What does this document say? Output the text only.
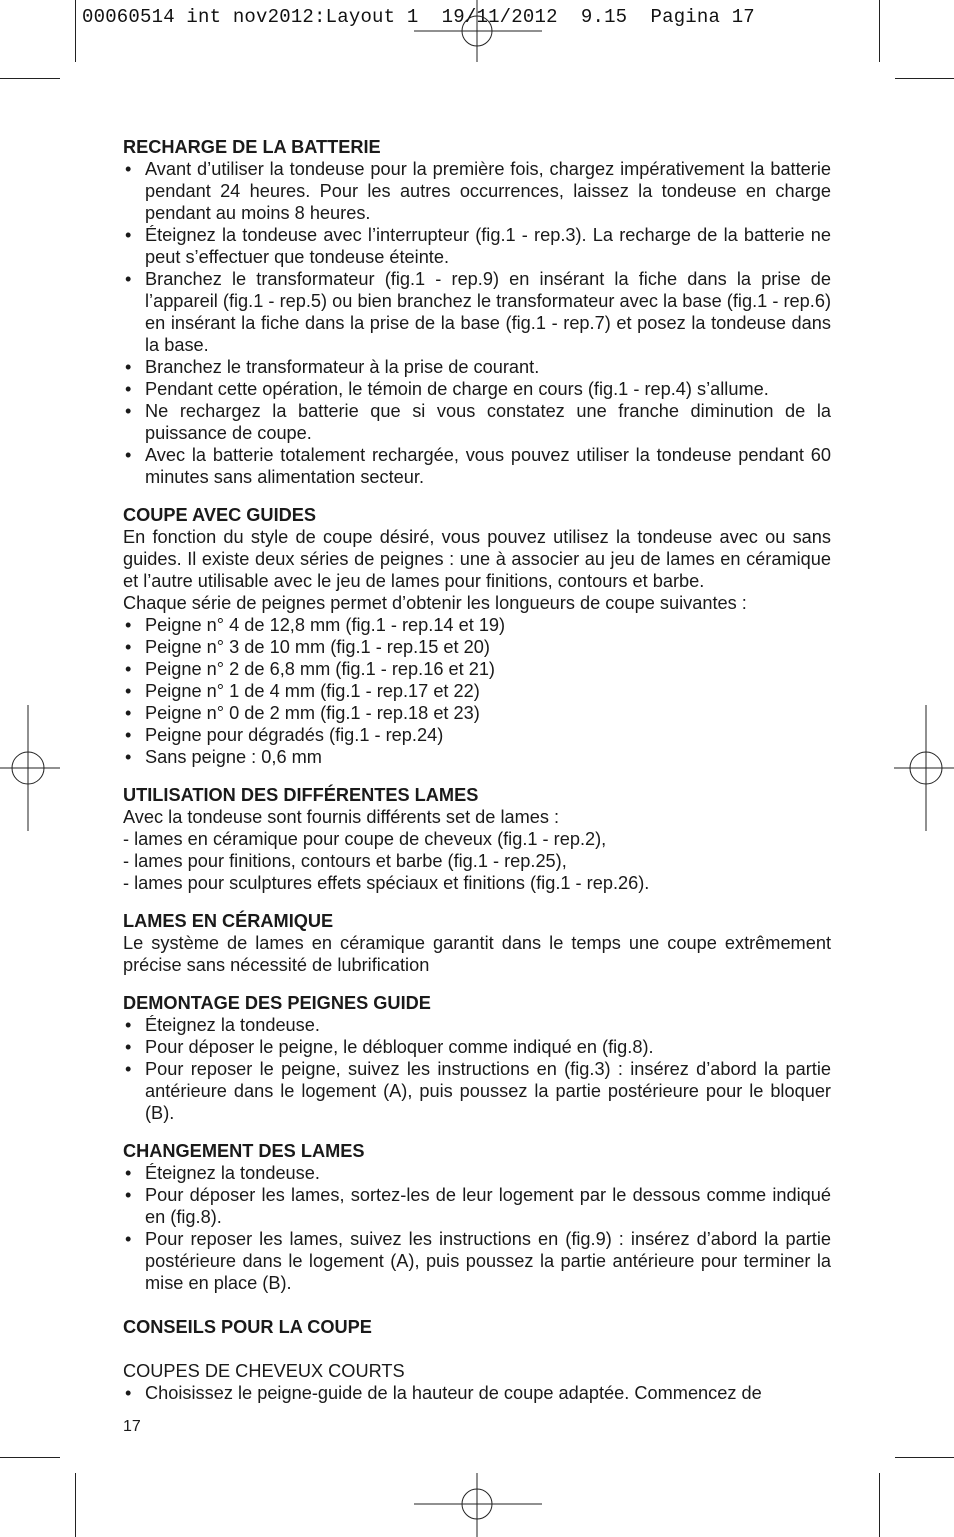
00060514 int nov2012:Layout 1  19/11/2012  9.15  Pagina 17
RECHARGE DE LA BATTERIE
• Avant d’utiliser la tondeuse pour la première fois, chargez impérativement la batterie pendant 24 heures. Pour les autres occurrences, laissez la tondeuse en charge pendant au moins 8 heures.
• Éteignez la tondeuse avec l’interrupteur (fig.1 - rep.3). La recharge de la batterie ne peut s’effectuer que tondeuse éteinte.
• Branchez le transformateur (fig.1 - rep.9) en insérant la fiche dans la prise de l’appareil (fig.1 - rep.5) ou bien branchez le transformateur avec la base (fig.1 - rep.6) en insérant la fiche dans la prise de la base (fig.1 - rep.7) et posez la tondeuse dans la base.
• Branchez le transformateur à la prise de courant.
• Pendant cette opération, le témoin de charge en cours (fig.1 - rep.4) s’allume.
• Ne rechargez la batterie que si vous constatez une franche diminution de la puissance de coupe.
• Avec la batterie totalement rechargée, vous pouvez utiliser la tondeuse pendant 60 minutes sans alimentation secteur.
COUPE AVEC GUIDES

En fonction du style de coupe désiré, vous pouvez utilisez la tondeuse avec ou sans guides. Il existe deux séries de peignes : une à associer au jeu de lames en céramique et l’autre utilisable avec le jeu de lames pour finitions, contours et barbe.

Chaque série de peignes permet d’obtenir les longueurs de coupe suivantes :

• Peigne n° 4 de 12,8 mm (fig.1 - rep.14 et 19)
• Peigne n° 3 de 10 mm (fig.1 - rep.15 et 20)
• Peigne n° 2 de 6,8 mm (fig.1 - rep.16 et 21)
• Peigne n° 1 de 4 mm (fig.1 - rep.17 et 22)
• Peigne n° 0 de 2 mm (fig.1 - rep.18 et 23)
• Peigne pour dégradés (fig.1 - rep.24)
• Sans peigne : 0,6 mm
UTILISATION DES DIFFÉRENTES LAMES

Avec la tondeuse sont fournis différents set de lames :

- lames en céramique pour coupe de cheveux (fig.1 - rep.2),

- lames pour finitions, contours et barbe (fig.1 - rep.25),

- lames pour sculptures effets spéciaux et finitions (fig.1 - rep.26).

LAMES EN CÉRAMIQUE

Le système de lames en céramique garantit dans le temps une coupe extrêmement précise sans nécessité de lubrification

DEMONTAGE DES PEIGNES GUIDE
• Éteignez la tondeuse.
• Pour déposer le peigne, le débloquer comme indiqué en (fig.8).
• Pour reposer le peigne, suivez les instructions en (fig.3) : insérez d’abord la partie antérieure dans le logement (A), puis poussez la partie postérieure pour le bloquer (B).
CHANGEMENT DES LAMES
• Éteignez la tondeuse.
• Pour déposer les lames, sortez-les de leur logement par le dessous comme indiqué en (fig.8).
• Pour reposer les lames, suivez les instructions en (fig.9) : insérez d’abord la partie postérieure dans le logement (A), puis poussez la partie antérieure pour terminer la mise en place (B).
CONSEILS POUR LA COUPE

COUPES DE CHEVEUX COURTS

• Choisissez le peigne-guide de la hauteur de coupe adaptée. Commencez de
17
